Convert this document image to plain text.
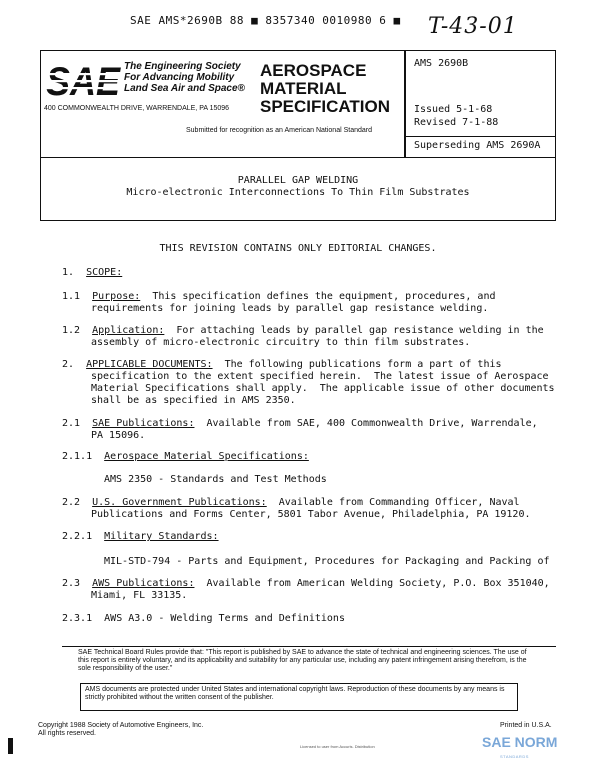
SAE AMS*2690B 88 ■ 8357340 0010980 6 ■ T-43-01
The Engineering Society
For Advancing Mobility
Land Sea Air and Space®
AEROSPACE
MATERIAL
SPECIFICATION
400 COMMONWEALTH DRIVE, WARRENDALE, PA 15096
Submitted for recognition as an American National Standard
AMS 2690B
Issued 5-1-68
Revised 7-1-88
Superseding AMS 2690A
PARALLEL GAP WELDING
Micro-electronic Interconnections To Thin Film Substrates
THIS REVISION CONTAINS ONLY EDITORIAL CHANGES.
1. SCOPE:
1.1 Purpose:  This specification defines the equipment, procedures, and
requirements for joining leads by parallel gap resistance welding.
1.2 Application:  For attaching leads by parallel gap resistance welding in the
assembly of micro-electronic circuitry to thin film substrates.
2. APPLICABLE DOCUMENTS:  The following publications form a part of this
specification to the extent specified herein.  The latest issue of Aerospace
Material Specifications shall apply.  The applicable issue of other documents
shall be as specified in AMS 2350.
2.1 SAE Publications:  Available from SAE, 400 Commonwealth Drive, Warrendale,
PA 15096.
2.1.1 Aerospace Material Specifications:
AMS 2350 - Standards and Test Methods
2.2 U.S. Government Publications:  Available from Commanding Officer, Naval
Publications and Forms Center, 5801 Tabor Avenue, Philadelphia, PA 19120.
2.2.1 Military Standards:
MIL-STD-794 - Parts and Equipment, Procedures for Packaging and Packing of
2.3 AWS Publications:  Available from American Welding Society, P.O. Box 351040,
Miami, FL 33135.
2.3.1 AWS A3.0 - Welding Terms and Definitions
SAE Technical Board Rules provide that: "This report is published by SAE to advance the state of technical and engineering sciences. The use of this report is entirely voluntary, and its applicability and suitability for any particular use, including any patent infringement arising therefrom, is the sole responsibility of the user."
AMS documents are protected under United States and international copyright laws. Reproduction of these documents by any means is strictly prohibited without the written consent of the publisher.
Copyright 1988 Society of Automotive Engineers, Inc.
All rights reserved.
Printed in U.S.A.
Licensed to user from Accuris. Distribution	SAE NORM
STANDARDS
